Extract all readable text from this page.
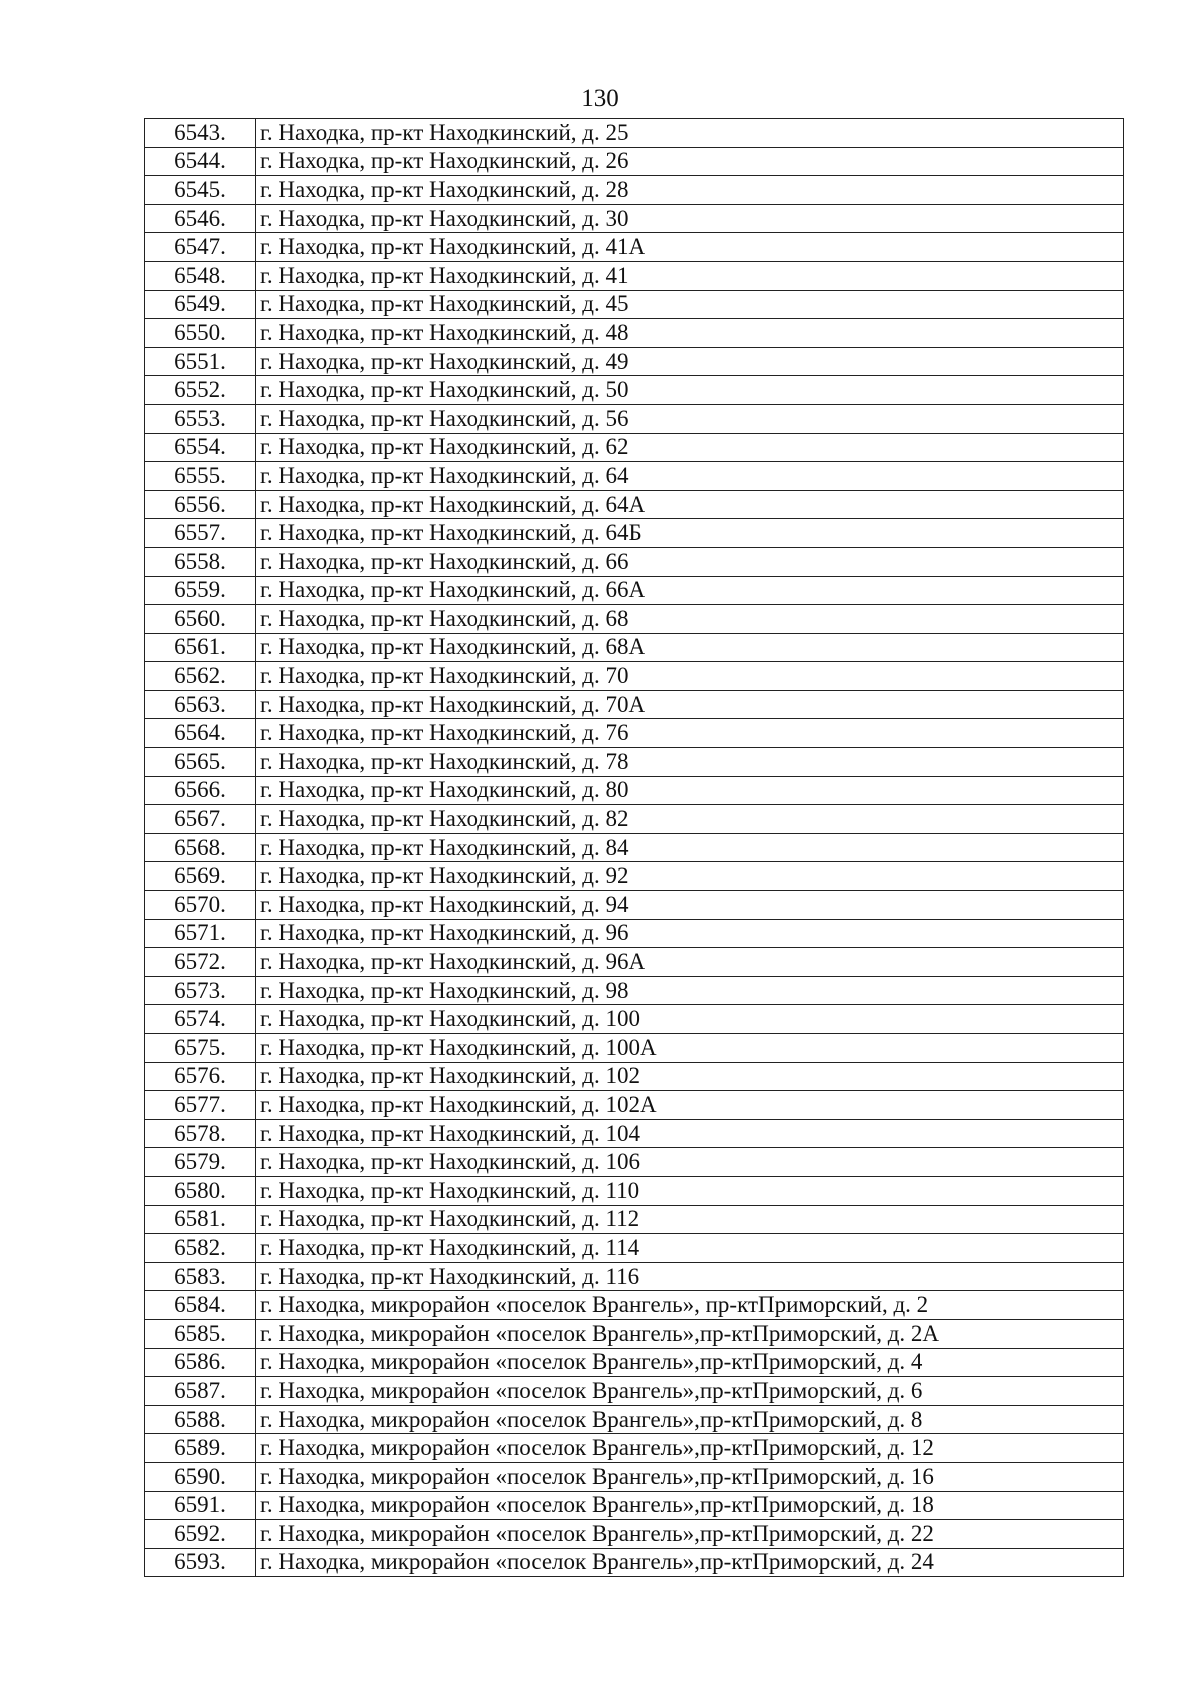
130
6543.	г. Находка, пр-кт Находкинский, д. 25
6544.	г. Находка, пр-кт Находкинский, д. 26
6545.	г. Находка, пр-кт Находкинский, д. 28
6546.	г. Находка, пр-кт Находкинский, д. 30
6547.	г. Находка, пр-кт Находкинский, д. 41А
6548.	г. Находка, пр-кт Находкинский, д. 41
6549.	г. Находка, пр-кт Находкинский, д. 45
6550.	г. Находка, пр-кт Находкинский, д. 48
6551.	г. Находка, пр-кт Находкинский, д. 49
6552.	г. Находка, пр-кт Находкинский, д. 50
6553.	г. Находка, пр-кт Находкинский, д. 56
6554.	г. Находка, пр-кт Находкинский, д. 62
6555.	г. Находка, пр-кт Находкинский, д. 64
6556.	г. Находка, пр-кт Находкинский, д. 64А
6557.	г. Находка, пр-кт Находкинский, д. 64Б
6558.	г. Находка, пр-кт Находкинский, д. 66
6559.	г. Находка, пр-кт Находкинский, д. 66А
6560.	г. Находка, пр-кт Находкинский, д. 68
6561.	г. Находка, пр-кт Находкинский, д. 68А
6562.	г. Находка, пр-кт Находкинский, д. 70
6563.	г. Находка, пр-кт Находкинский, д. 70А
6564.	г. Находка, пр-кт Находкинский, д. 76
6565.	г. Находка, пр-кт Находкинский, д. 78
6566.	г. Находка, пр-кт Находкинский, д. 80
6567.	г. Находка, пр-кт Находкинский, д. 82
6568.	г. Находка, пр-кт Находкинский, д. 84
6569.	г. Находка, пр-кт Находкинский, д. 92
6570.	г. Находка, пр-кт Находкинский, д. 94
6571.	г. Находка, пр-кт Находкинский, д. 96
6572.	г. Находка, пр-кт Находкинский, д. 96А
6573.	г. Находка, пр-кт Находкинский, д. 98
6574.	г. Находка, пр-кт Находкинский, д. 100
6575.	г. Находка, пр-кт Находкинский, д. 100А
6576.	г. Находка, пр-кт Находкинский, д. 102
6577.	г. Находка, пр-кт Находкинский, д. 102А
6578.	г. Находка, пр-кт Находкинский, д. 104
6579.	г. Находка, пр-кт Находкинский, д. 106
6580.	г. Находка, пр-кт Находкинский, д. 110
6581.	г. Находка, пр-кт Находкинский, д. 112
6582.	г. Находка, пр-кт Находкинский, д. 114
6583.	г. Находка, пр-кт Находкинский, д. 116
6584.	г. Находка, микрорайон «поселок Врангель», пр-ктПриморский, д. 2
6585.	г. Находка, микрорайон «поселок Врангель»,пр-ктПриморский, д. 2А
6586.	г. Находка, микрорайон «поселок Врангель»,пр-ктПриморский, д. 4
6587.	г. Находка, микрорайон «поселок Врангель»,пр-ктПриморский, д. 6
6588.	г. Находка, микрорайон «поселок Врангель»,пр-ктПриморский, д. 8
6589.	г. Находка, микрорайон «поселок Врангель»,пр-ктПриморский, д. 12
6590.	г. Находка, микрорайон «поселок Врангель»,пр-ктПриморский, д. 16
6591.	г. Находка, микрорайон «поселок Врангель»,пр-ктПриморский, д. 18
6592.	г. Находка, микрорайон «поселок Врангель»,пр-ктПриморский, д. 22
6593.	г. Находка, микрорайон «поселок Врангель»,пр-ктПриморский, д. 24
